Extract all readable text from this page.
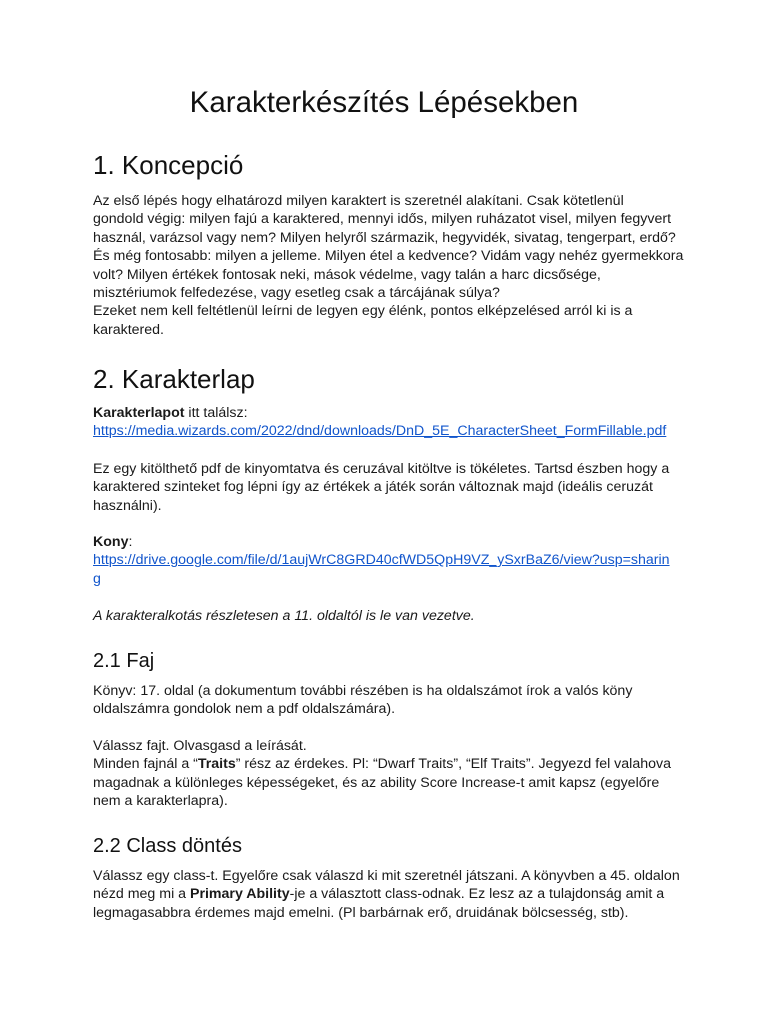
Karakterkészítés Lépésekben
1. Koncepció
Az első lépés hogy elhatározd milyen karaktert is szeretnél alakítani. Csak kötetlenül
gondold végig: milyen fajú a karaktered, mennyi idős, milyen ruházatot visel, milyen fegyvert
használ, varázsol vagy nem? Milyen helyről származik, hegyvidék, sivatag, tengerpart, erdő?
És még fontosabb: milyen a jelleme. Milyen étel a kedvence? Vidám vagy nehéz gyermekkora
volt? Milyen értékek fontosak neki, mások védelme, vagy talán a harc dicsősége,
misztériumok felfedezése, vagy esetleg csak a tárcájának súlya?
Ezeket nem kell feltétlenül leírni de legyen egy élénk, pontos elképzelésed arról ki is a
karaktered.
2. Karakterlap
Karakterlapot itt találsz:
https://media.wizards.com/2022/dnd/downloads/DnD_5E_CharacterSheet_FormFillable.pdf
Ez egy kitölthető pdf de kinyomtatva és ceruzával kitöltve is tökéletes. Tartsd észben hogy a
karaktered szinteket fog lépni így az értékek a játék során változnak majd (ideális ceruzát
használni).
Kony:
https://drive.google.com/file/d/1aujWrC8GRD40cfWD5QpH9VZ_ySxrBaZ6/view?usp=sharin
g
A karakteralkotás részletesen a 11. oldaltól is le van vezetve.
2.1 Faj
Könyv: 17. oldal (a dokumentum további részében is ha oldalszámot írok a valós köny
oldalszámra gondolok nem a pdf oldalszámára).
Válassz fajt. Olvasgasd a leírását.
Minden fajnál a “Traits” rész az érdekes. Pl: “Dwarf Traits”, “Elf Traits”. Jegyezd fel valahova
magadnak a különleges képességeket, és az ability Score Increase-t amit kapsz (egyelőre
nem a karakterlapra).
2.2 Class döntés
Válassz egy class-t. Egyelőre csak válaszd ki mit szeretnél játszani. A könyvben a 45. oldalon
nézd meg mi a Primary Ability-je a választott class-odnak. Ez lesz az a tulajdonság amit a
legmagasabbra érdemes majd emelni. (Pl barbárnak erő, druidának bölcsesség, stb).
